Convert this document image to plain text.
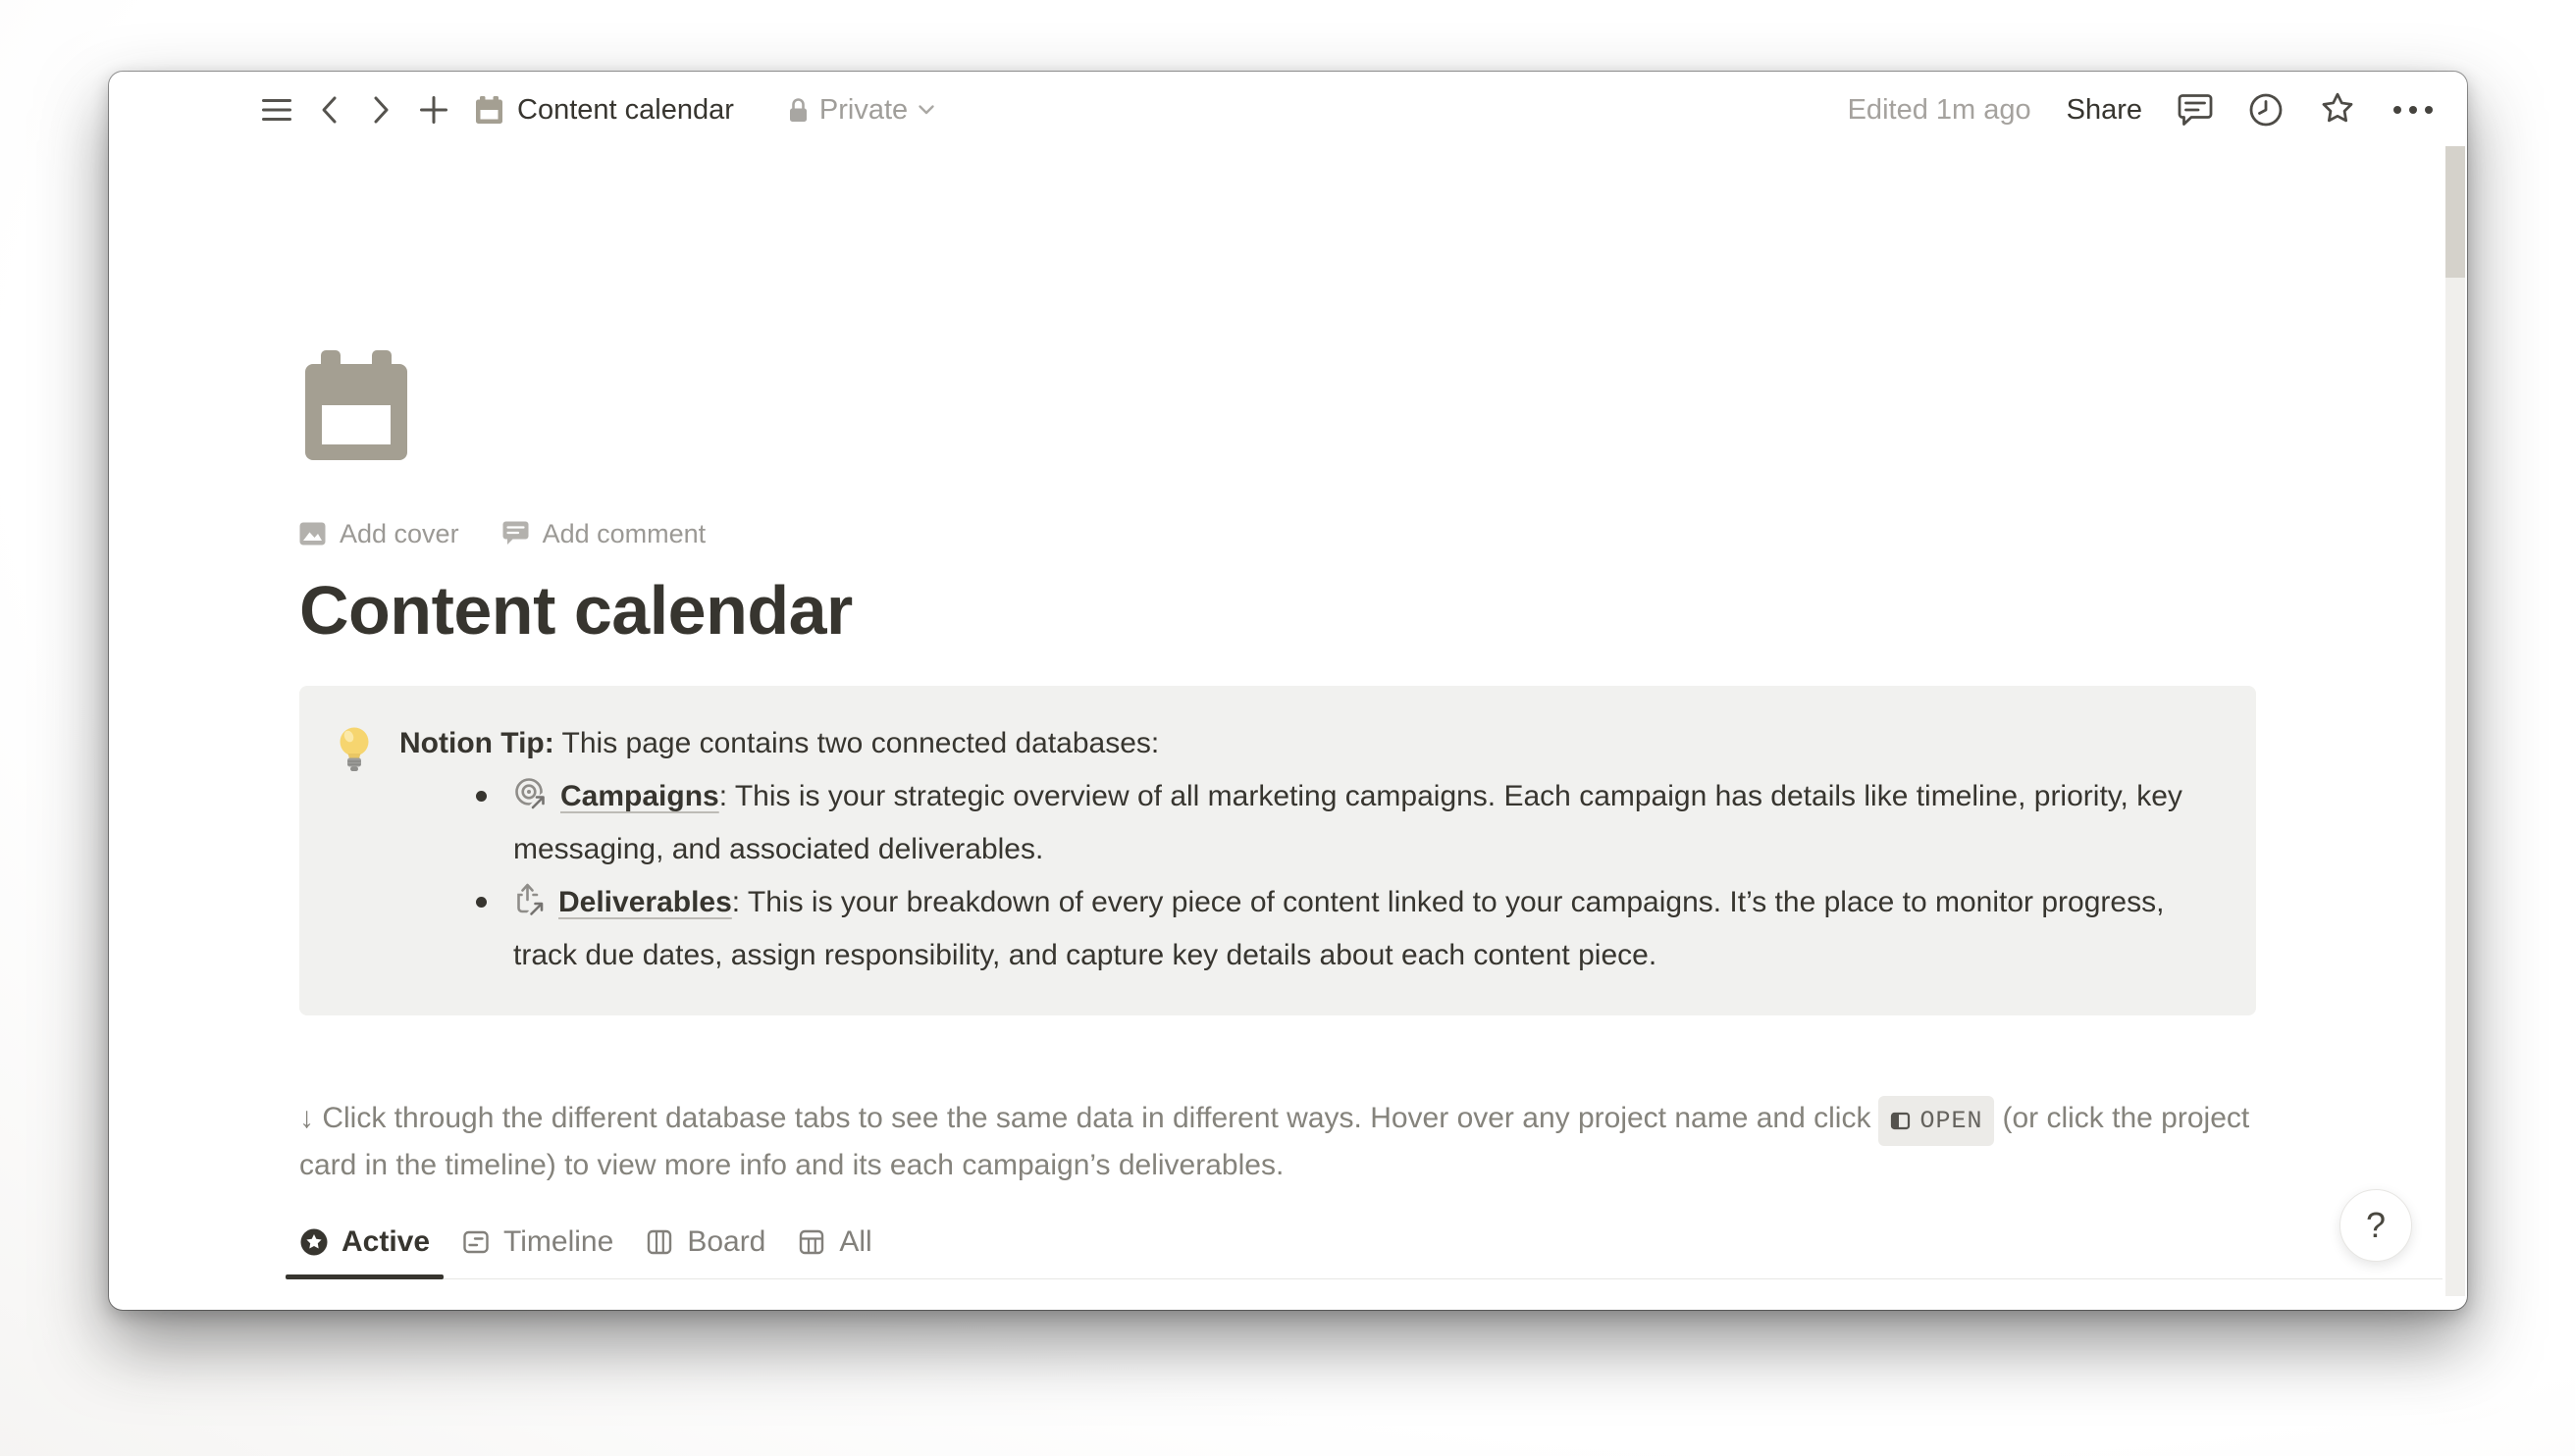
Content calendar	Private	Edited 1m ago Share
Add cover	Add comment
Content calendar
Notion Tip: This page contains two connected databases:
Campaigns: This is your strategic overview of all marketing campaigns. Each campaign has details like timeline, priority, key messaging, and associated deliverables.
Deliverables: This is your breakdown of every piece of content linked to your campaigns. It’s the place to monitor progress, track due dates, assign responsibility, and capture key details about each content piece.
↓ Click through the different database tabs to see the same data in different ways. Hover over any project name and click OPEN (or click the project card in the timeline) to view more info and its each campaign’s deliverables.
Active	Timeline	Board	All	?
